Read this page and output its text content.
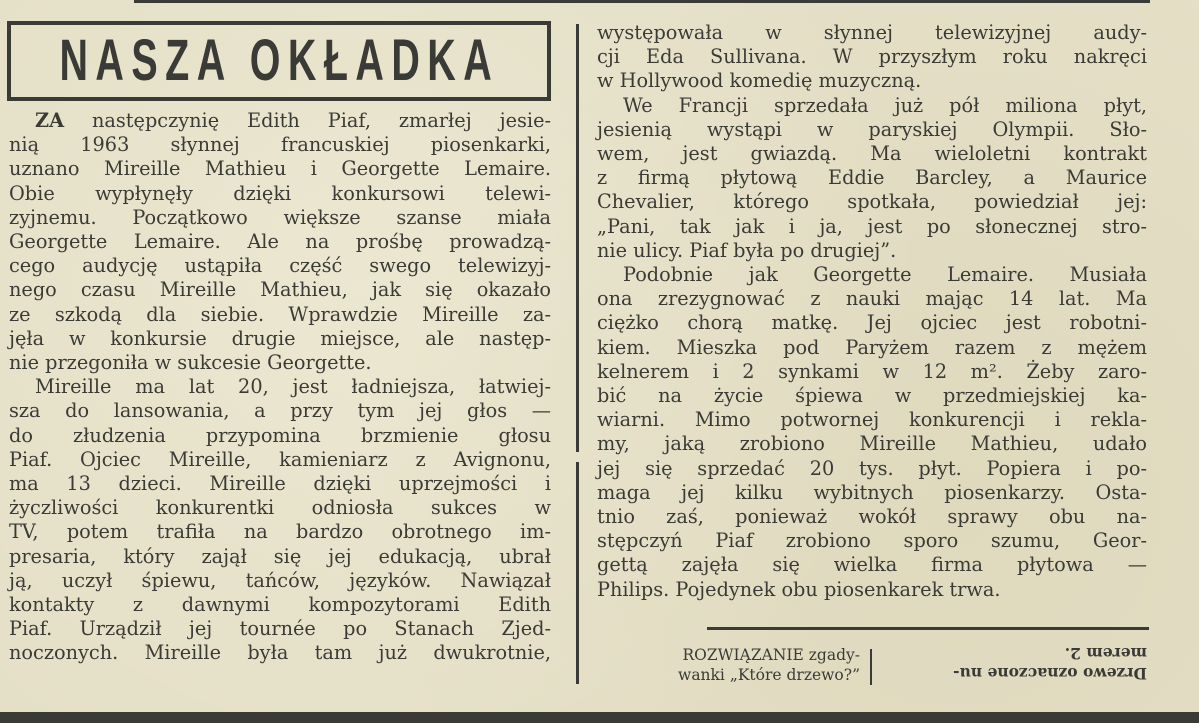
NASZA OKŁADKA
ZA następczynię Edith Piaf, zmarłej jesie-
nią 1963 słynnej francuskiej piosenkarki,
uznano Mireille Mathieu i Georgette Lemaire.
Obie wypłynęły dzięki konkursowi telewi-
zyjnemu. Początkowo większe szanse miała
Georgette Lemaire. Ale na prośbę prowadzą-
cego audycję ustąpiła część swego telewizyj-
nego czasu Mireille Mathieu, jak się okazało
ze szkodą dla siebie. Wprawdzie Mireille za-
jęła w konkursie drugie miejsce, ale następ-
nie przegoniła w sukcesie Georgette.
Mireille ma lat 20, jest ładniejsza, łatwiej-
sza do lansowania, a przy tym jej głos —
do złudzenia przypomina brzmienie głosu
Piaf. Ojciec Mireille, kamieniarz z Avignonu,
ma 13 dzieci. Mireille dzięki uprzejmości i
życzliwości konkurentki odniosła sukces w
TV, potem trafiła na bardzo obrotnego im-
presaria, który zajął się jej edukacją, ubrał
ją, uczył śpiewu, tańców, języków. Nawiązał
kontakty z dawnymi kompozytorami Edith
Piaf. Urządził jej tournée po Stanach Zjed-
noczonych. Mireille była tam już dwukrotnie,
występowała w słynnej telewizyjnej audy-
cji Eda Sullivana. W przyszłym roku nakręci
w Hollywood komedię muzyczną.
We Francji sprzedała już pół miliona płyt,
jesienią wystąpi w paryskiej Olympii. Sło-
wem, jest gwiazdą. Ma wieloletni kontrakt
z firmą płytową Eddie Barcley, a Maurice
Chevalier, którego spotkała, powiedział jej:
„Pani, tak jak i ja, jest po słonecznej stro-
nie ulicy. Piaf była po drugiej”.
Podobnie jak Georgette Lemaire. Musiała
ona zrezygnować z nauki mając 14 lat. Ma
ciężko chorą matkę. Jej ojciec jest robotni-
kiem. Mieszka pod Paryżem razem z mężem
kelnerem i 2 synkami w 12 m². Żeby zaro-
bić na życie śpiewa w przedmiejskiej ka-
wiarni. Mimo potwornej konkurencji i rekla-
my, jaką zrobiono Mireille Mathieu, udało
jej się sprzedać 20 tys. płyt. Popiera i po-
maga jej kilku wybitnych piosenkarzy. Osta-
tnio zaś, ponieważ wokół sprawy obu na-
stępczyń Piaf zrobiono sporo szumu, Geor-
gettą zajęła się wielka firma płytowa —
Philips. Pojedynek obu piosenkarek trwa.
ROZWIĄZANIE zgady-
wanki „Które drzewo?”	Drzewo oznaczone nu-
merem 2.
